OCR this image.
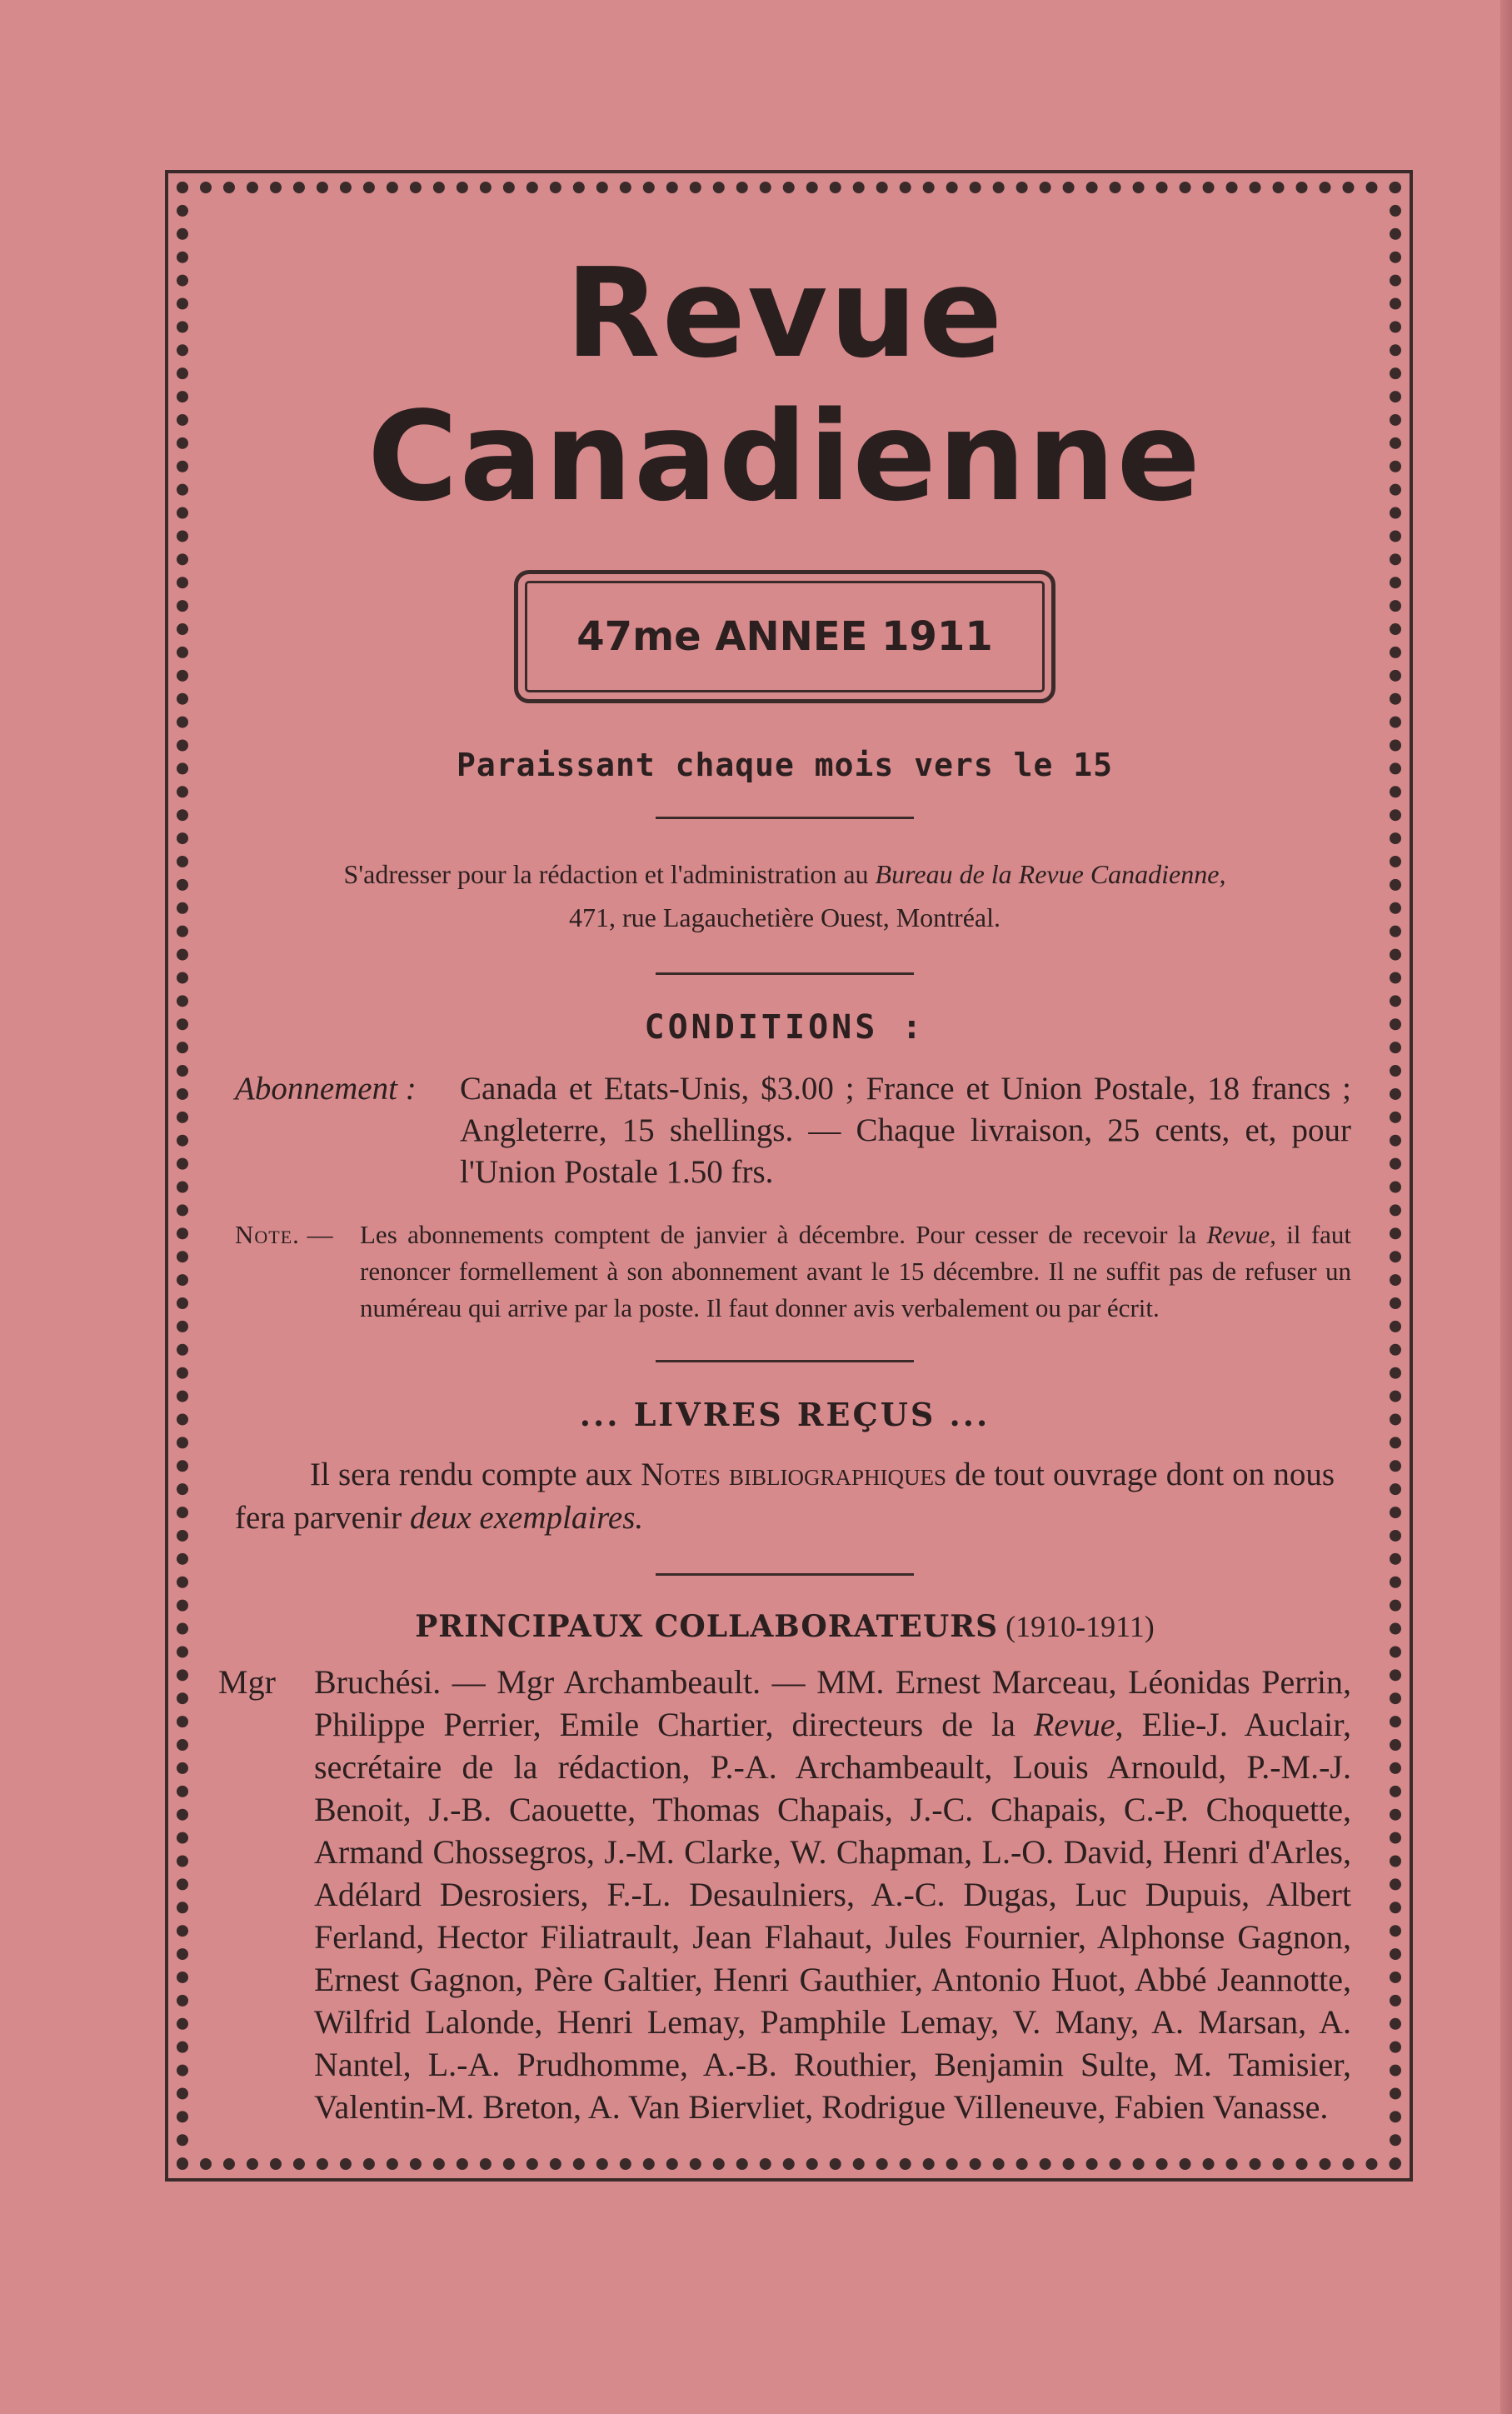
Revue Canadienne
47me ANNEE 1911
Paraissant chaque mois vers le 15
S'adresser pour la rédaction et l'administration au Bureau de la Revue Canadienne,
471, rue Lagauchetière Ouest, Montréal.
CONDITIONS :
Abonnement :	Canada et Etats-Unis, $3.00 ; France et Union Postale, 18 francs ; Angleterre, 15 shellings. — Chaque livraison, 25 cents, et, pour l'Union Postale 1.50 frs.
Note. —	Les abonnements comptent de janvier à décembre. Pour cesser de recevoir la Revue, il faut renoncer formellement à son abonnement avant le 15 décembre. Il ne suffit pas de refuser un numéreau qui arrive par la poste. Il faut donner avis verbalement ou par écrit.
... LIVRES REÇUS ...
Il sera rendu compte aux Notes bibliographiques de tout ouvrage dont on nous fera parvenir deux exemplaires.
PRINCIPAUX COLLABORATEURS (1910-1911)
Mgr	Bruchési. — Mgr Archambeault. — MM. Ernest Marceau, Léonidas Perrin, Philippe Perrier, Emile Chartier, directeurs de la Revue, Elie-J. Auclair, secrétaire de la rédaction, P.-A. Archambeault, Louis Arnould, P.-M.-J. Benoit, J.-B. Caouette, Thomas Chapais, J.-C. Chapais, C.-P. Choquette, Armand Chossegros, J.-M. Clarke, W. Chapman, L.-O. David, Henri d'Arles, Adélard Desrosiers, F.-L. Desaulniers, A.-C. Dugas, Luc Dupuis, Albert Ferland, Hector Filiatrault, Jean Flahaut, Jules Fournier, Alphonse Gagnon, Ernest Gagnon, Père Galtier, Henri Gauthier, Antonio Huot, Abbé Jeannotte, Wilfrid Lalonde, Henri Lemay, Pamphile Lemay, V. Many, A. Marsan, A. Nantel, L.-A. Prudhomme, A.-B. Routhier, Benjamin Sulte, M. Tamisier, Valentin-M. Breton, A. Van Biervliet, Rodrigue Villeneuve, Fabien Vanasse.
